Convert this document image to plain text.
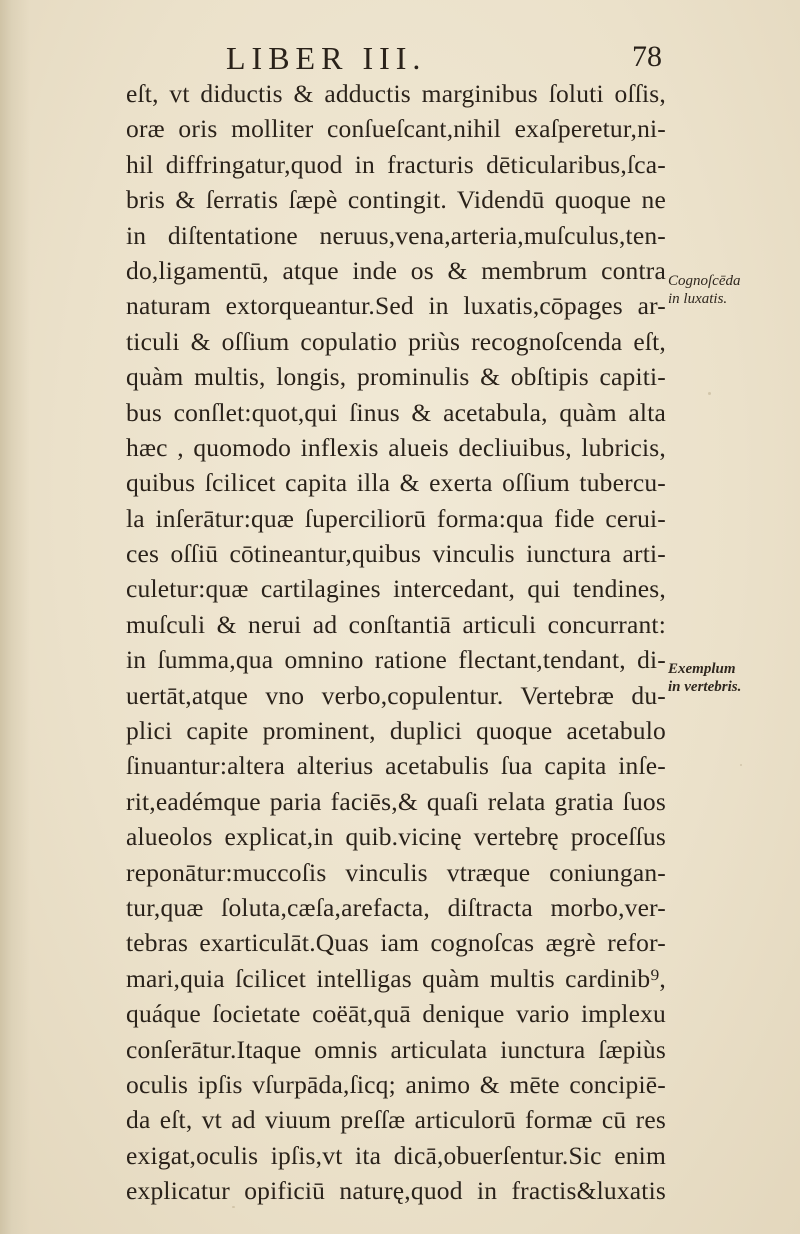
LIBER III.	78
eſt, vt diductis & adductis marginibus ſoluti oſſis,
oræ oris molliter conſueſcant,nihil exaſperetur,ni-
hil diffringatur,quod in fracturis dēticularibus,ſca-
bris & ſerratis ſæpè contingit. Videndū quoque ne
in diſtentatione neruus,vena,arteria,muſculus,ten-
do,ligamentū, atque inde os & membrum contra
naturam extorqueantur.Sed in luxatis,cōpages ar-
ticuli & oſſium copulatio priùs recognoſcenda eſt,
quàm multis, longis, prominulis & obſtipis capiti-
bus conſlet:quot,qui ſinus & acetabula, quàm alta
hæc , quomodo inflexis alueis decliuibus, lubricis,
quibus ſcilicet capita illa & exerta oſſium tubercu-
la inſerātur:quæ ſuperciliorū forma:qua fide cerui-
ces oſſiū cōtineantur,quibus vinculis iunctura arti-
culetur:quæ cartilagines intercedant, qui tendines,
muſculi & nerui ad conſtantiā articuli concurrant:
in ſumma,qua omnino ratione flectant,tendant, di-
uertāt,atque vno verbo,copulentur. Vertebræ du-
plici capite prominent, duplici quoque acetabulo
ſinuantur:altera alterius acetabulis ſua capita inſe-
rit,eadémque paria faciēs,& quaſi relata gratia ſuos
alueolos explicat,in quib.vicinę vertebrę proceſſus
reponātur:muccoſis vinculis vtræque coniungan-
tur,quæ ſoluta,cæſa,arefacta, diſtracta morbo,ver-
tebras exarticulāt.Quas iam cognoſcas ægrè refor-
mari,quia ſcilicet intelligas quàm multis cardinib⁹,
quáque ſocietate coëāt,quā denique vario implexu
conſerātur.Itaque omnis articulata iunctura ſæpiùs
oculis ipſis vſurpāda,ſicq; animo & mēte concipiē-
da eſt, vt ad viuum preſſæ articulorū formæ cū res
exigat,oculis ipſis,vt ita dicā,obuerſentur.Sic enim
explicatur opificiū naturę,quod in fractis&luxatis
Cognoſcēda
in luxatis.
Exemplum
in vertebris.
